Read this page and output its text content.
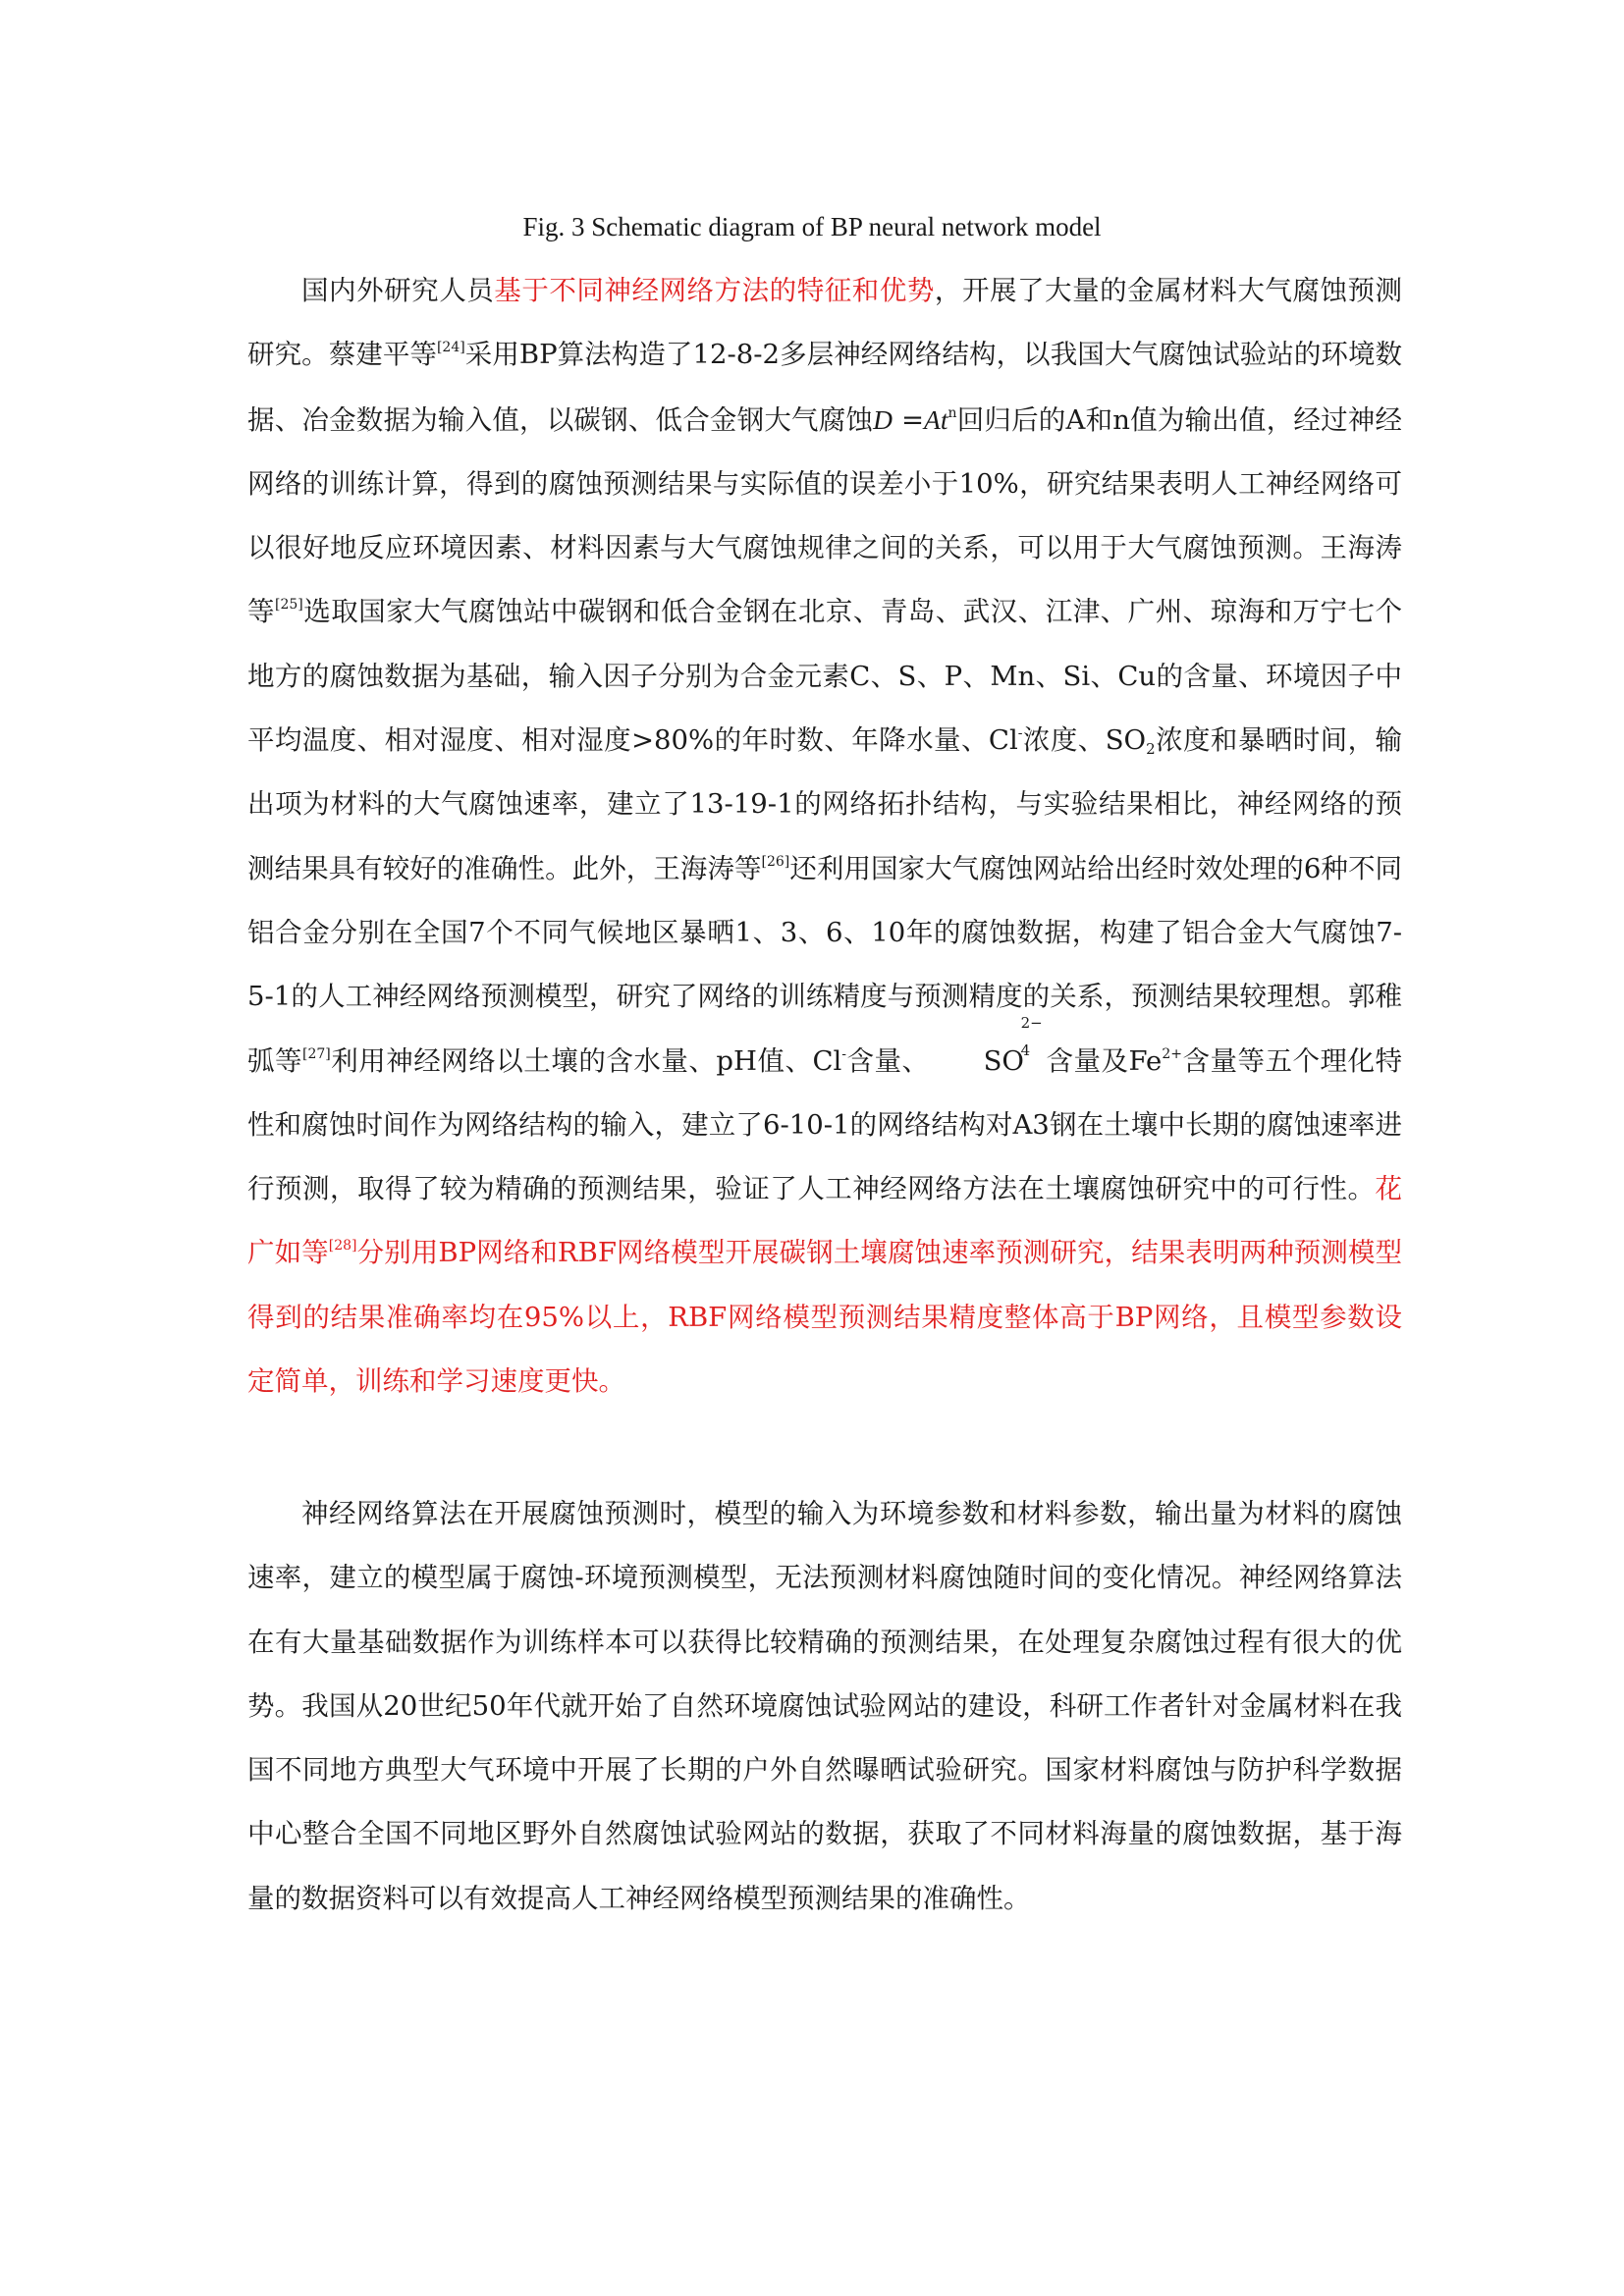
Fig. 3 Schematic diagram of BP neural network model

国内外研究人员基于不同神经网络方法的特征和优势，开展了大量的金属材料大气腐蚀预测研究。蔡建平等[24]采用BP算法构造了12-8-2多层神经网络结构，以我国大气腐蚀试验站的环境数据、冶金数据为输入值，以碳钢、低合金钢大气腐蚀$D =At^n$回归后的A和n值为输出值，经过神经网络的训练计算，得到的腐蚀预测结果与实际值的误差小于10%，研究结果表明人工神经网络可以很好地反应环境因素、材料因素与大气腐蚀规律之间的关系，可以用于大气腐蚀预测。王海涛等[25]选取国家大气腐蚀站中碳钢和低合金钢在北京、青岛、武汉、江津、广州、琼海和万宁七个地方的腐蚀数据为基础，输入因子分别为合金元素C、S、P、Mn、Si、Cu的含量、环境因子中平均温度、相对湿度、相对湿度>80%的年时数、年降水量、Cl-浓度、$SO_2$浓度和暴晒时间，输出项为材料的大气腐蚀速率，建立了13-19-1的网络拓扑结构，与实验结果相比，神经网络的预测结果具有较好的准确性。此外，王海涛等[26]还利用国家大气腐蚀网站给出经时效处理的6种不同铝合金分别在全国7个不同气候地区暴晒1、3、6、10年的腐蚀数据，构建了铝合金大气腐蚀7-5-1的人工神经网络预测模型，研究了网络的训练精度与预测精度的关系，预测结果较理想。郭稚弧等[27]利用神经网络以土壤的含水量、pH值、Cl-含量、 SO
2−
4 含量及$Fe^{2+}$含量等五个理化特性和腐蚀时间作为网络结构的输入，建立了6-10-1的网络结构对A3钢在土壤中长期的腐蚀速率进行预测，取得了较为精确的预测结果，验证了人工神经网络方法在土壤腐蚀研究中的可行性。花广如等[28]分别用BP网络和RBF网络模型开展碳钢土壤腐蚀速率预测研究，结果表明两种预测模型得到的结果准确率均在95%以上，RBF网络模型预测结果精度整体高于BP网络，且模型参数设定简单，训练和学习速度更快。

神经网络算法在开展腐蚀预测时，模型的输入为环境参数和材料参数，输出量为材料的腐蚀速率，建立的模型属于腐蚀-环境预测模型，无法预测材料腐蚀随时间的变化情况。神经网络算法在有大量基础数据作为训练样本可以获得比较精确的预测结果，在处理复杂腐蚀过程有很大的优势。我国从20世纪50年代就开始了自然环境腐蚀试验网站的建设，科研工作者针对金属材料在我国不同地方典型大气环境中开展了长期的户外自然曝晒试验研究。国家材料腐蚀与防护科学数据中心整合全国不同地区野外自然腐蚀试验网站的数据，获取了不同材料海量的腐蚀数据，基于海量的数据资料可以有效提高人工神经网络模型预测结果的准确性。
